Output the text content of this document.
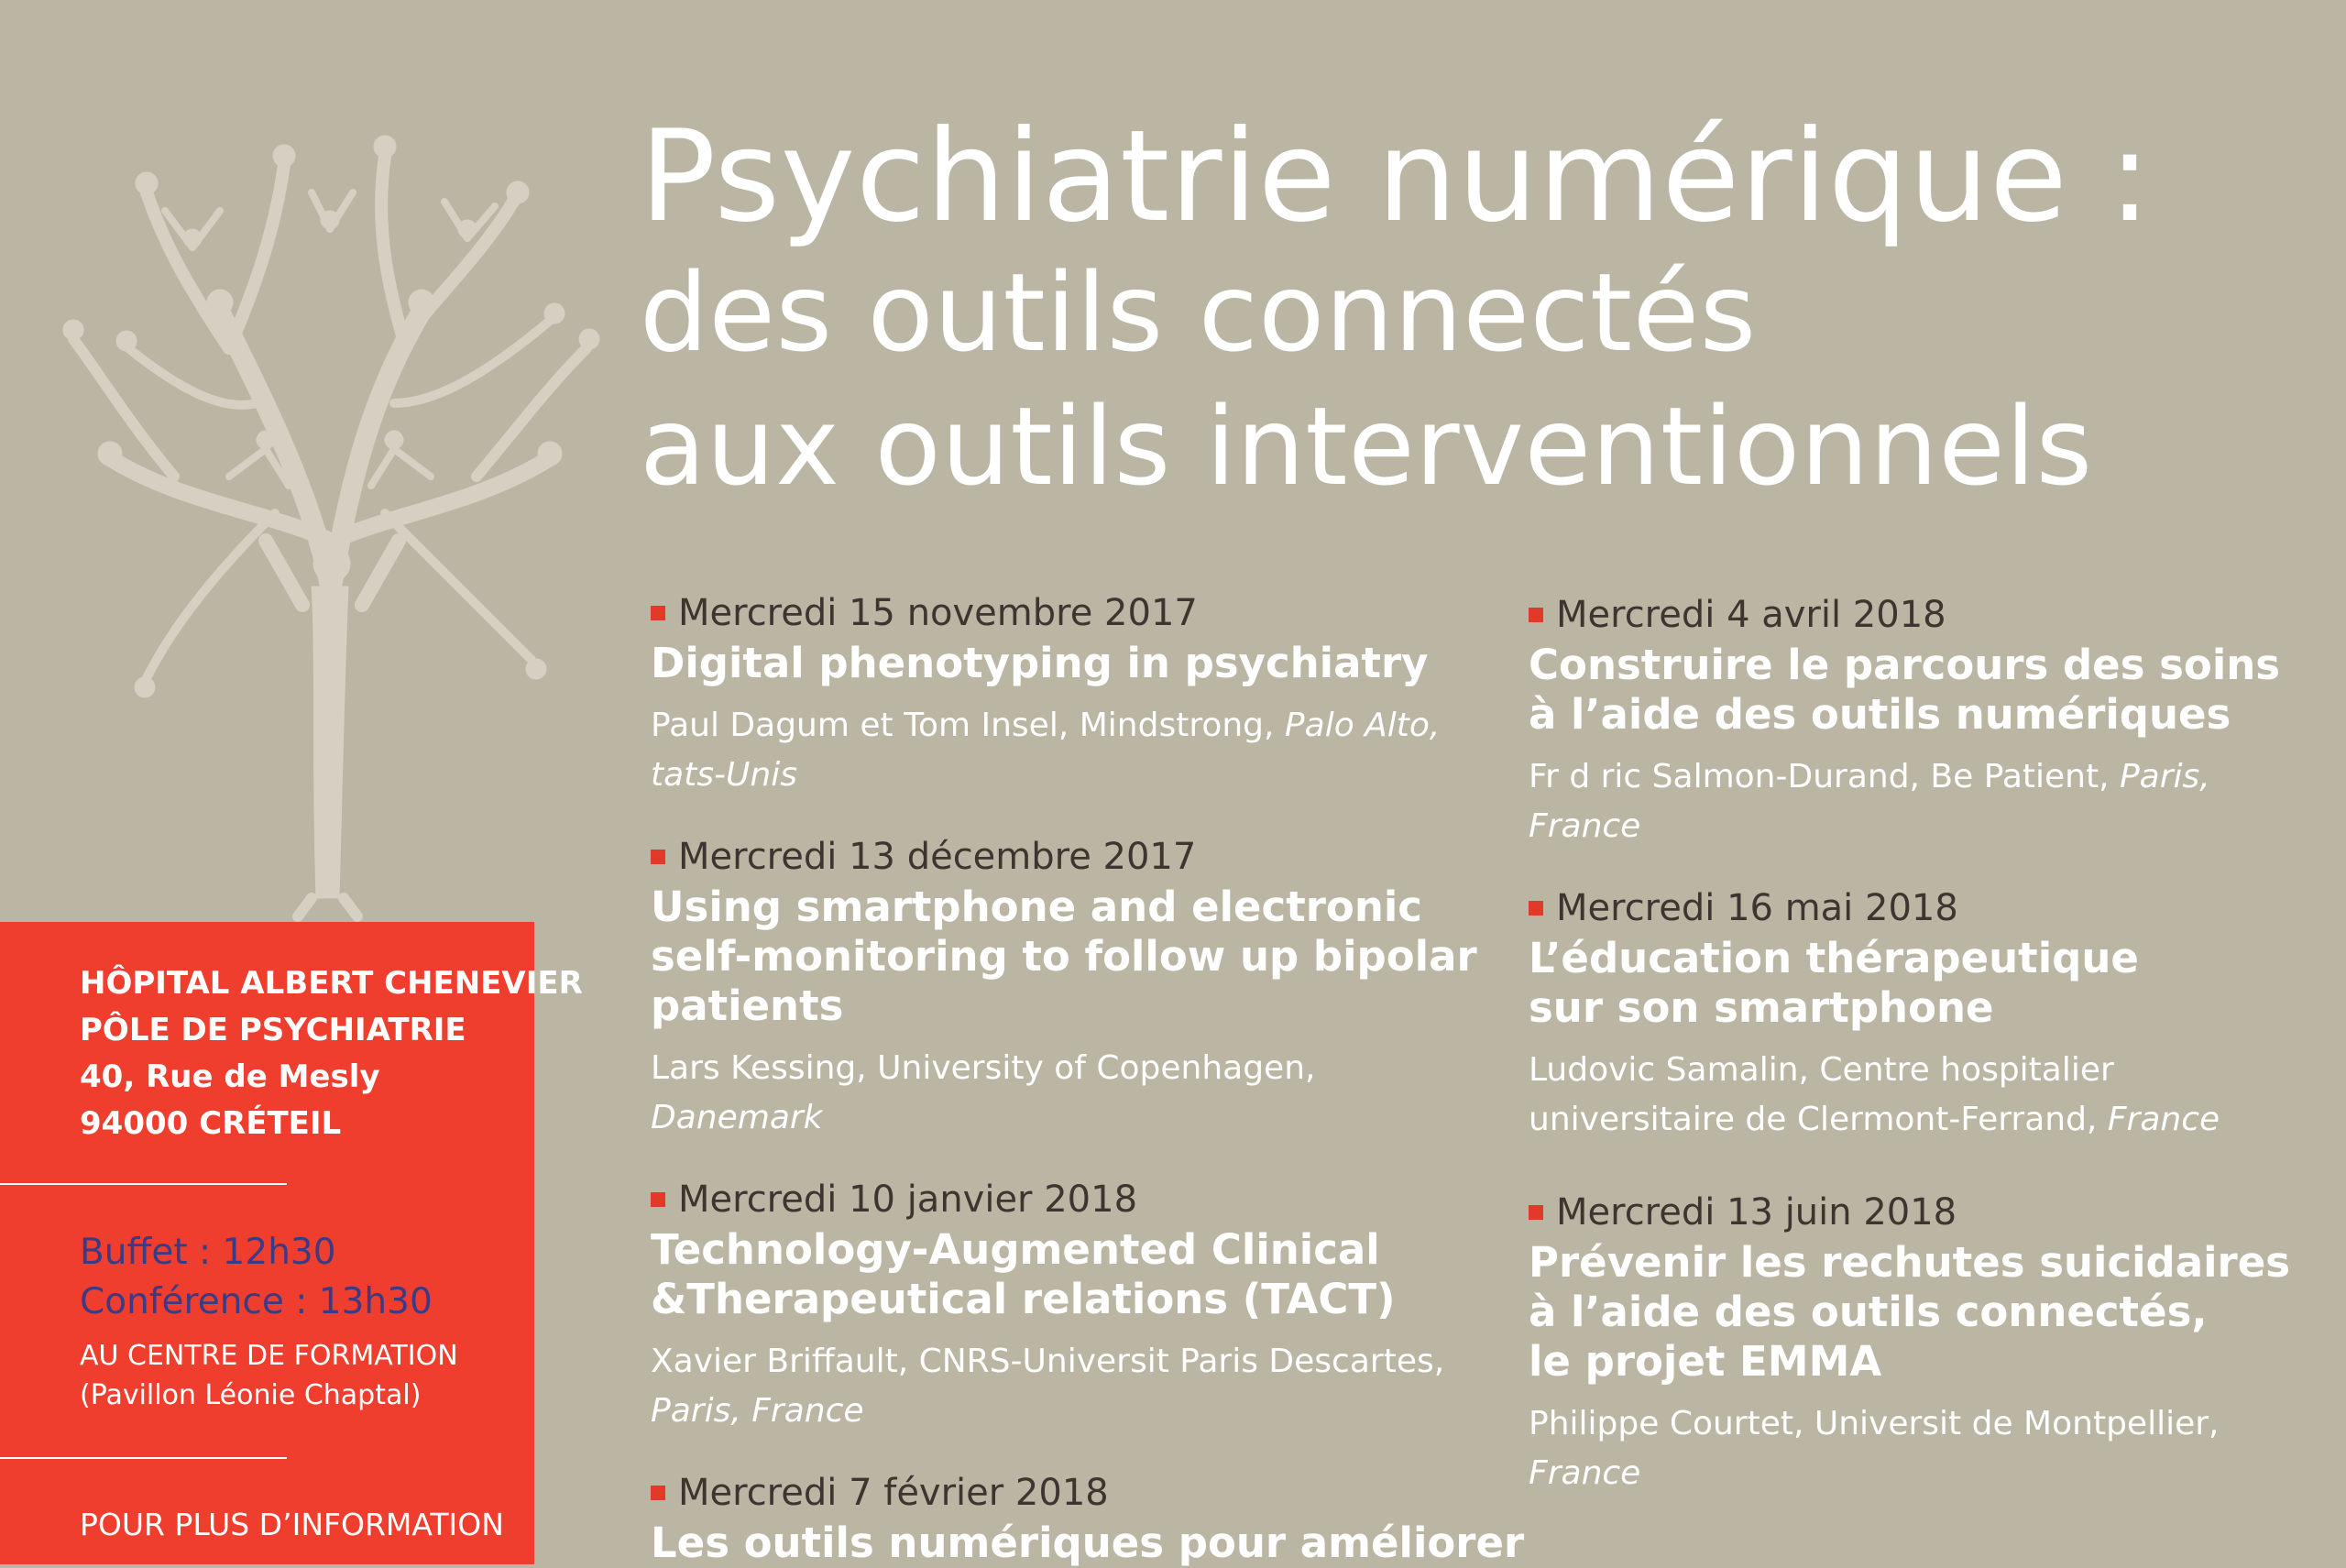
Psychiatrie numérique :
des outils connectés
aux outils interventionnels
Mercredi 15 novembre 2017
Digital phenotyping in psychiatry
Paul Dagum et Tom Insel, Mindstrong, Palo Alto, tats-Unis
Mercredi 13 décembre 2017
Using smartphone and electronic
self-monitoring to follow up bipolar
patients
Lars Kessing, University of Copenhagen, Danemark
Mercredi 10 janvier 2018
Technology-Augmented Clinical
&Therapeutical relations (TACT)
Xavier Briffault, CNRS-Universit Paris Descartes, Paris, France
Mercredi 7 février 2018
Les outils numériques pour améliorer
Mercredi 4 avril 2018
Construire le parcours des soins
à l’aide des outils numériques
Fr d ric Salmon-Durand, Be Patient, Paris, France
Mercredi 16 mai 2018
L’éducation thérapeutique
sur son smartphone
Ludovic Samalin, Centre hospitalier universitaire de Clermont-Ferrand, France
Mercredi 13 juin 2018
Prévenir les rechutes suicidaires
à l’aide des outils connectés,
le projet EMMA
Philippe Courtet, Universit de Montpellier, France
HÔPITAL ALBERT CHENEVIER
PÔLE DE PSYCHIATRIE
40, Rue de Mesly
94000 CRÉTEIL
Buffet : 12h30
Conférence : 13h30
AU CENTRE DE FORMATION
(Pavillon Léonie Chaptal)
POUR PLUS D’INFORMATION
